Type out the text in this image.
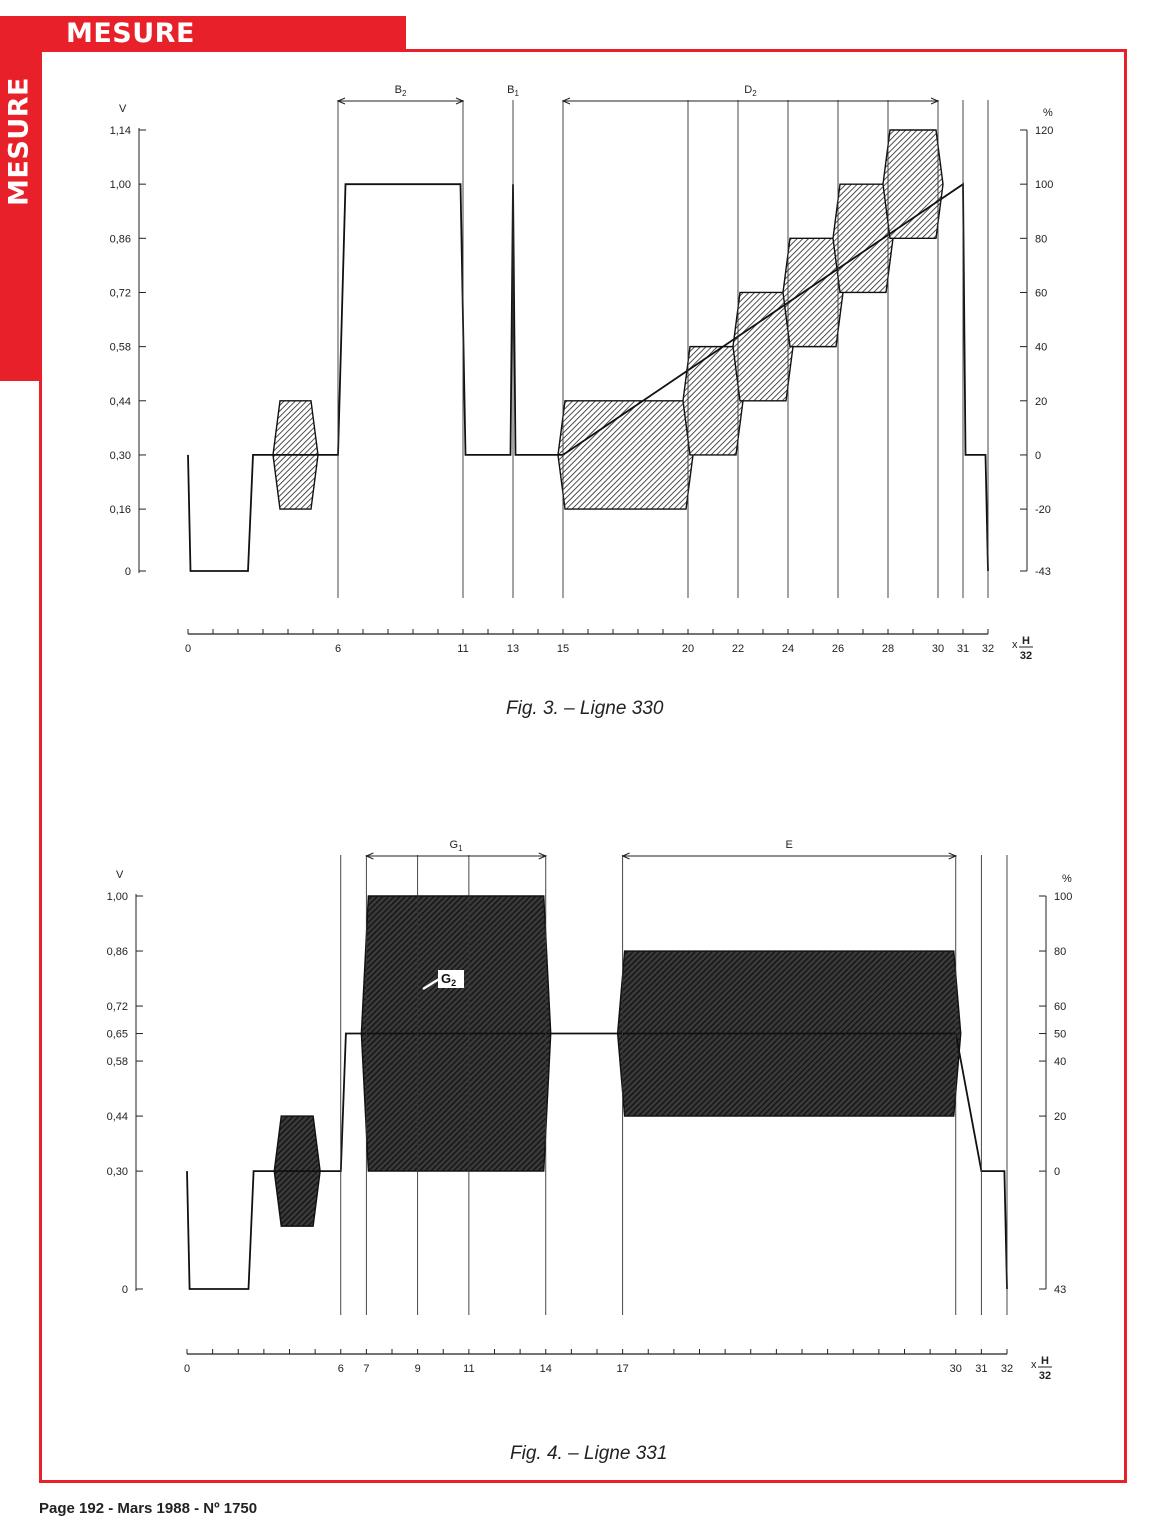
MESURE
MESURE	V
0
0,16
0,30
0,44
0,58
0,72
0,86
1,00
1,14
%
-43
-20
0
20
40
60
80
100
120
$B_2$	$B_1$	$D_2$
0	6	11	13	15	20	22	24	26	28	30 31 32 x H
32
V
0
0,30
0,44
0,58
0,65
0,72
0,86
1,00
%
43
0
20
40
50
60
80
100
$G_1$	E
0	6 7	9	11	14	17	30 31 32 x H
32
$G_2$
Fig. 3. – Ligne 330
Fig. 4. – Ligne 331
Page 192 - Mars 1988 - Nº 1750
